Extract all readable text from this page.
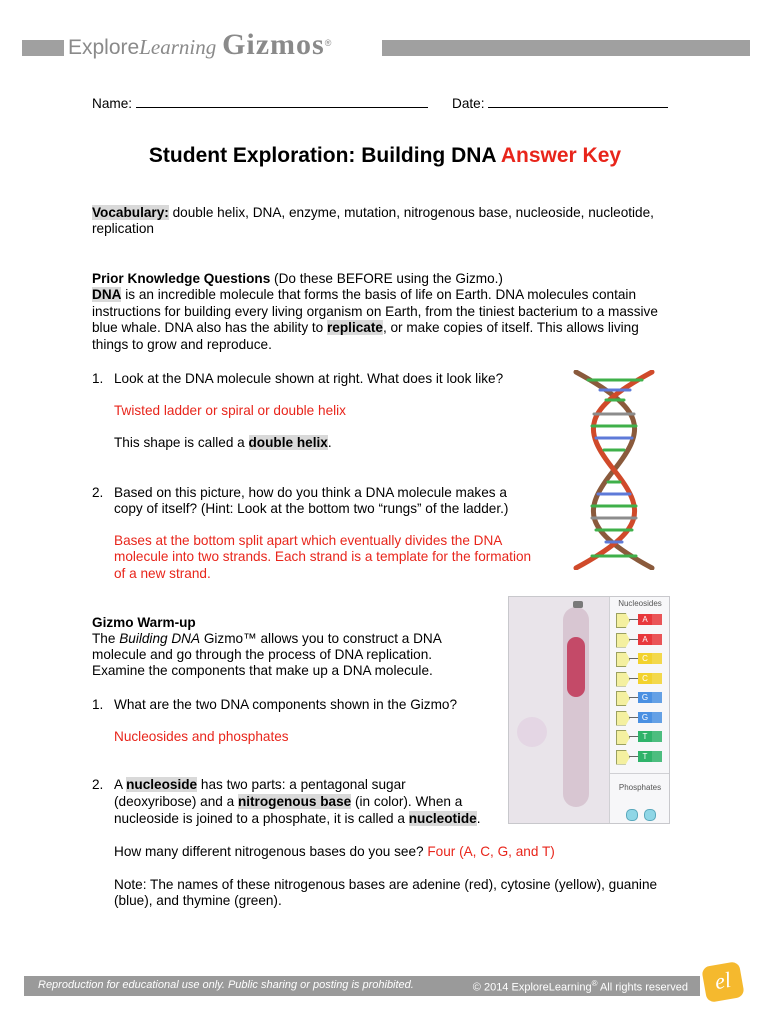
ExploreLearning Gizmos®
Name:	Date:
Student Exploration: Building DNA Answer Key
Vocabulary: double helix, DNA, enzyme, mutation, nitrogenous base, nucleoside, nucleotide,
replication
Prior Knowledge Questions (Do these BEFORE using the Gizmo.)
DNA is an incredible molecule that forms the basis of life on Earth. DNA molecules contain
instructions for building every living organism on Earth, from the tiniest bacterium to a massive
blue whale. DNA also has the ability to replicate, or make copies of itself. This allows living
things to grow and reproduce.
1. Look at the DNA molecule shown at right. What does it look like?
Twisted ladder or spiral or double helix
This shape is called a double helix.
2. Based on this picture, how do you think a DNA molecule makes a
copy of itself? (Hint: Look at the bottom two “rungs” of the ladder.)
Bases at the bottom split apart which eventually divides the DNA
molecule into two strands. Each strand is a template for the formation
of a new strand.
Gizmo Warm-up
The Building DNA Gizmo™ allows you to construct a DNA
molecule and go through the process of DNA replication.
Examine the components that make up a DNA molecule.
1. What are the two DNA components shown in the Gizmo?
Nucleosides and phosphates
2. A nucleoside has two parts: a pentagonal sugar
(deoxyribose) and a nitrogenous base (in color). When a
nucleoside is joined to a phosphate, it is called a nucleotide.
How many different nitrogenous bases do you see? Four (A, C, G, and T)
Note: The names of these nitrogenous bases are adenine (red), cytosine (yellow), guanine
(blue), and thymine (green).
Nucleosides
A
A
C
C
G
G
T
T
Phosphates
Reproduction for educational use only. Public sharing or posting is prohibited.	© 2014 ExploreLearning® All rights reserved	el
